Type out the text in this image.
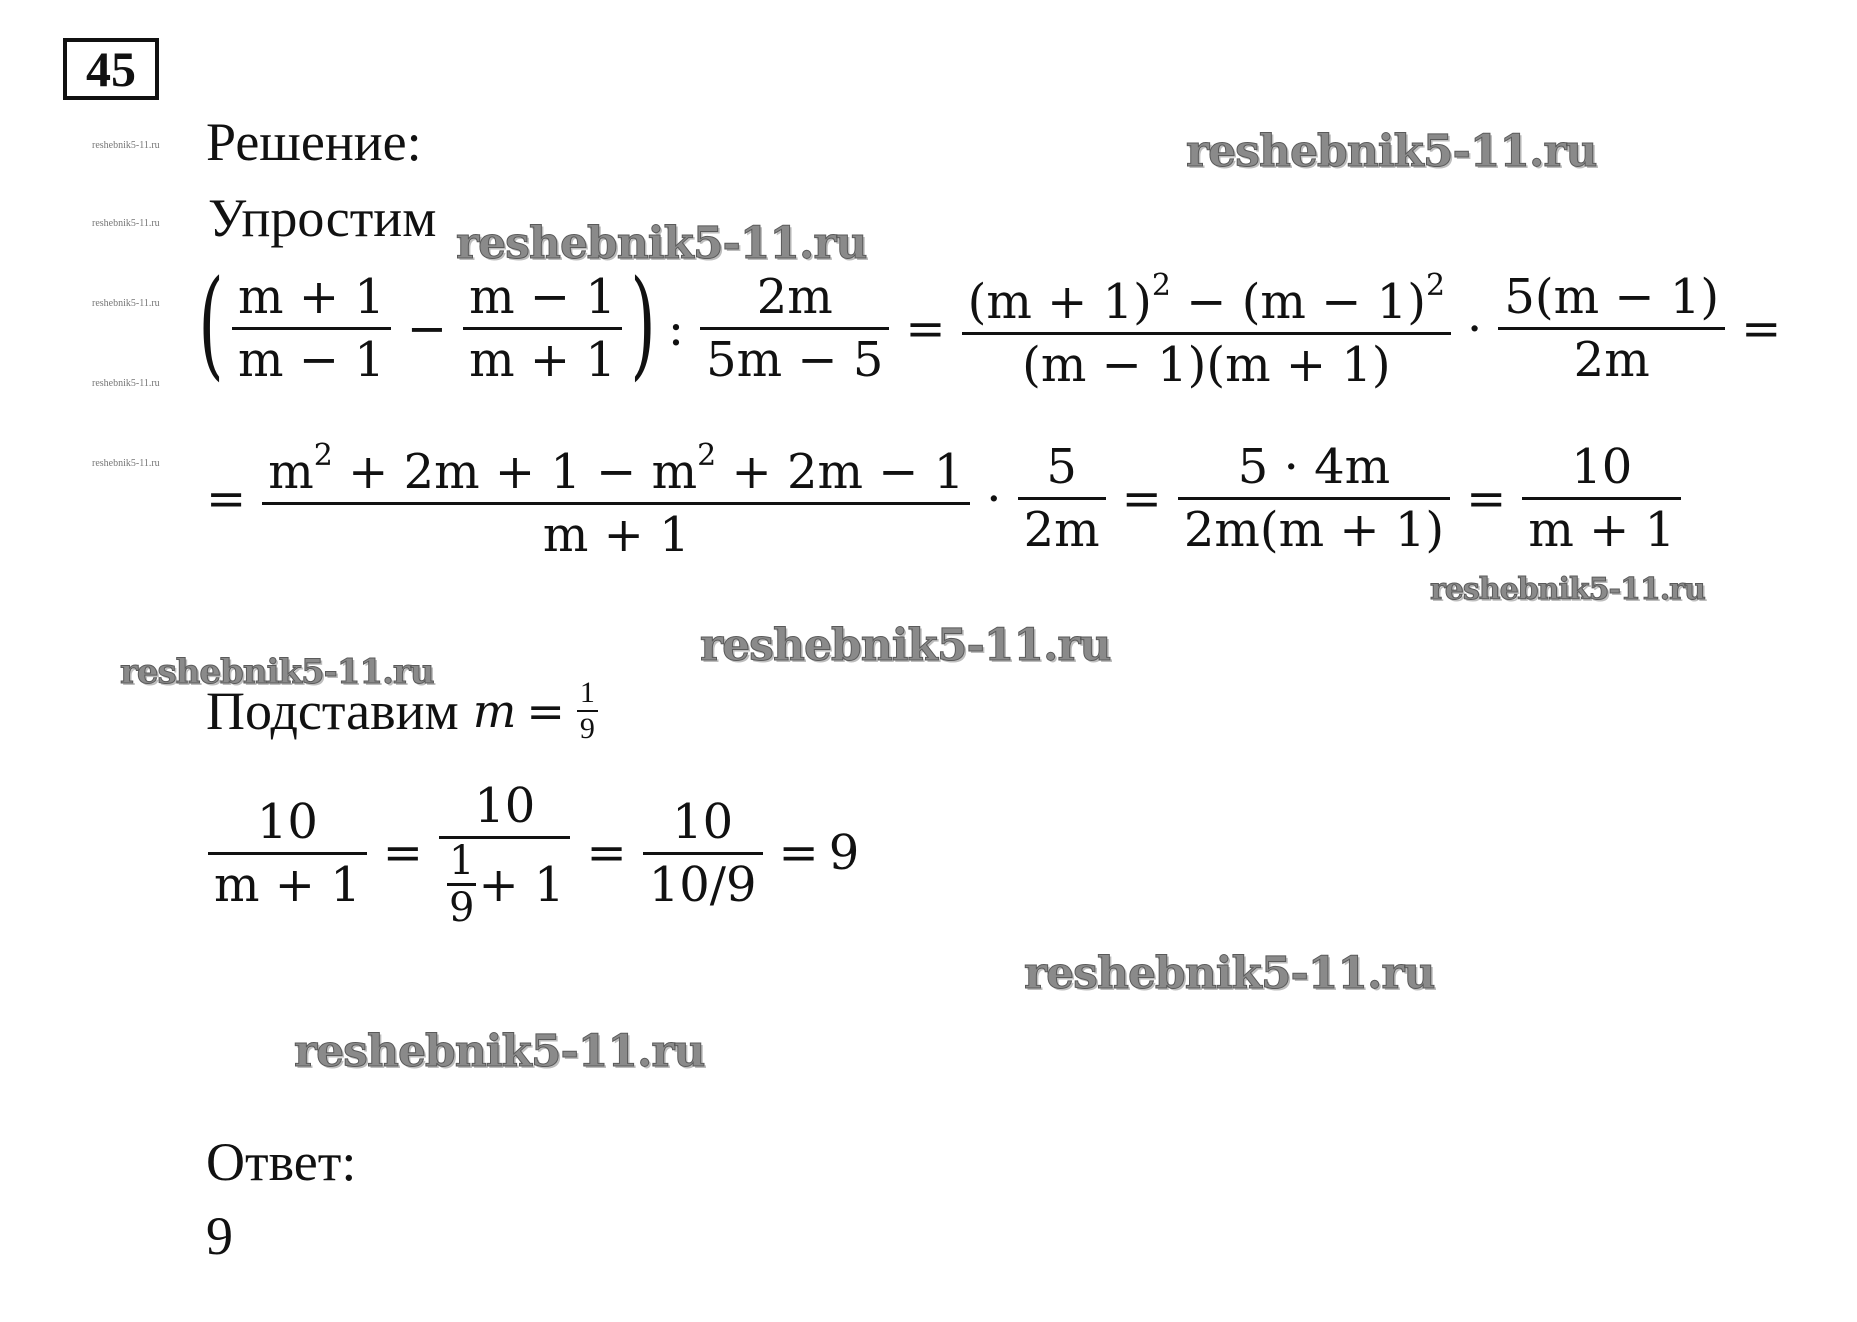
45
reshebnik5-11.ru
reshebnik5-11.ru
reshebnik5-11.ru
reshebnik5-11.ru
reshebnik5-11.ru
Решение:
Упростим
( $\frac{m + 1}{m - 1} - \frac{m - 1}{m + 1}$ ) : $\frac{2m}{5m - 5} = \frac{(m + 1)^2 - (m - 1)^2}{(m - 1)(m + 1)} \cdot \frac{5(m - 1)}{2m}$ =
= $\frac{m^2 + 2m + 1 - m^2 + 2m - 1}{m + 1} \cdot \frac{5}{2m} = \frac{5 \cdot 4m}{2m(m + 1)} = \frac{10}{m + 1}$
Подставим $m = \frac{1}{9}$
$\frac{10}{m + 1} = \frac{10}{\frac{1}{9} + 1} = \frac{10}{10/9} = 9$
Ответ:
9
reshebnik5-11.ru
reshebnik5-11.ru
reshebnik5-11.ru
reshebnik5-11.ru
reshebnik5-11.ru
reshebnik5-11.ru
reshebnik5-11.ru
